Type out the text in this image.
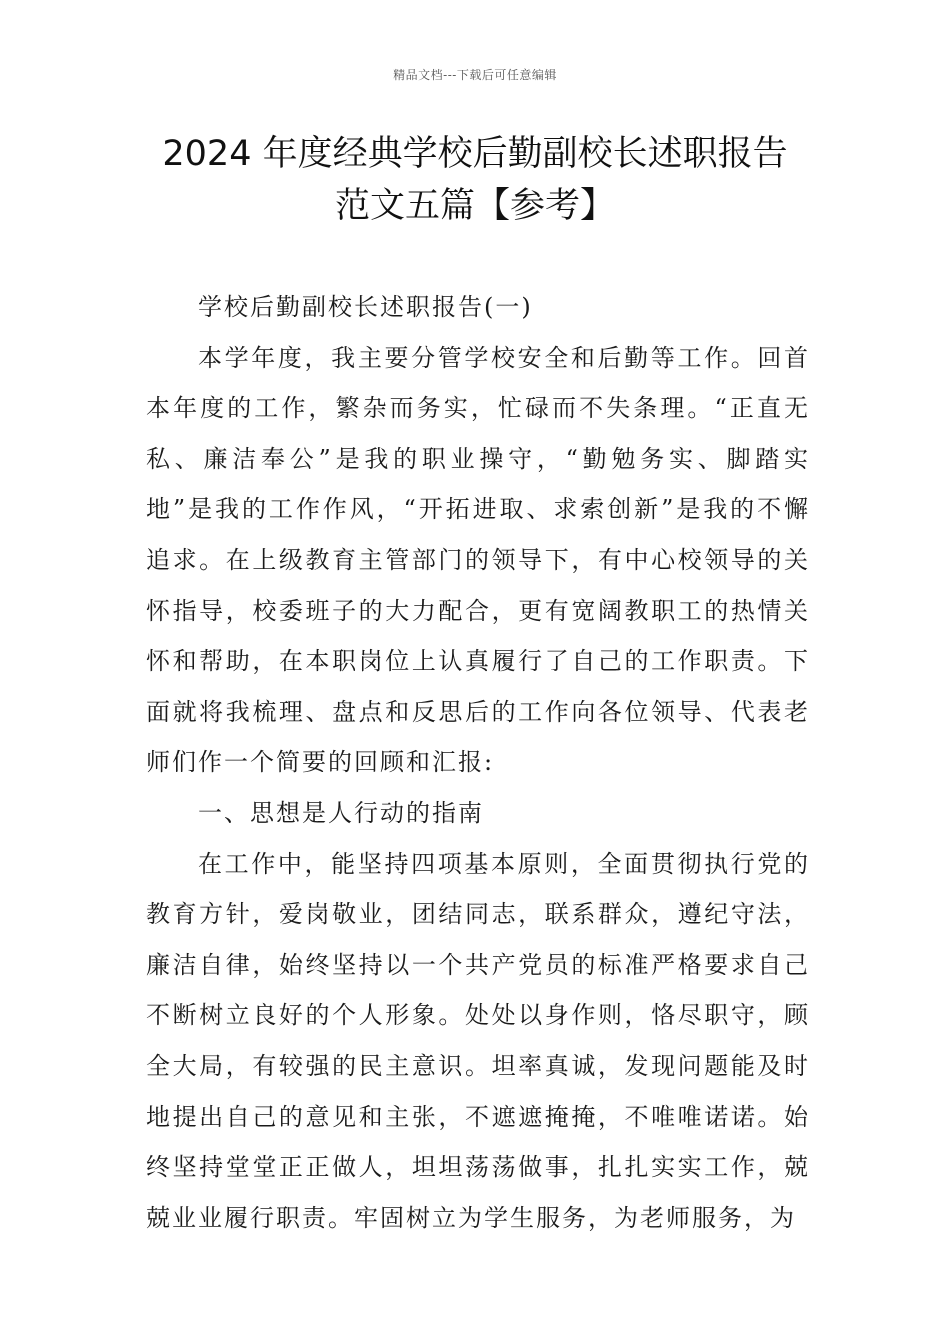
精品文档---下载后可任意编辑
2024 年度经典学校后勤副校长述职报告
范文五篇【参考】

学校后勤副校长述职报告(一)

本学年度，我主要分管学校安全和后勤等工作。回首本年度的工作，繁杂而务实，忙碌而不失条理。“正直无私、廉洁奉公”是我的职业操守，“勤勉务实、脚踏实地”是我的工作作风，“开拓进取、求索创新”是我的不懈追求。在上级教育主管部门的领导下，有中心校领导的关怀指导，校委班子的大力配合，更有宽阔教职工的热情关怀和帮助，在本职岗位上认真履行了自己的工作职责。下面就将我梳理、盘点和反思后的工作向各位领导、代表老师们作一个简要的回顾和汇报:

一、思想是人行动的指南

在工作中，能坚持四项基本原则，全面贯彻执行党的教育方针，爱岗敬业，团结同志，联系群众，遵纪守法，廉洁自律，始终坚持以一个共产党员的标准严格要求自己不断树立良好的个人形象。处处以身作则，恪尽职守，顾全大局，有较强的民主意识。坦率真诚，发现问题能及时地提出自己的意见和主张，不遮遮掩掩，不唯唯诺诺。始终坚持堂堂正正做人，坦坦荡荡做事，扎扎实实工作，兢兢业业履行职责。牢固树立为学生服务，为老师服务，为
